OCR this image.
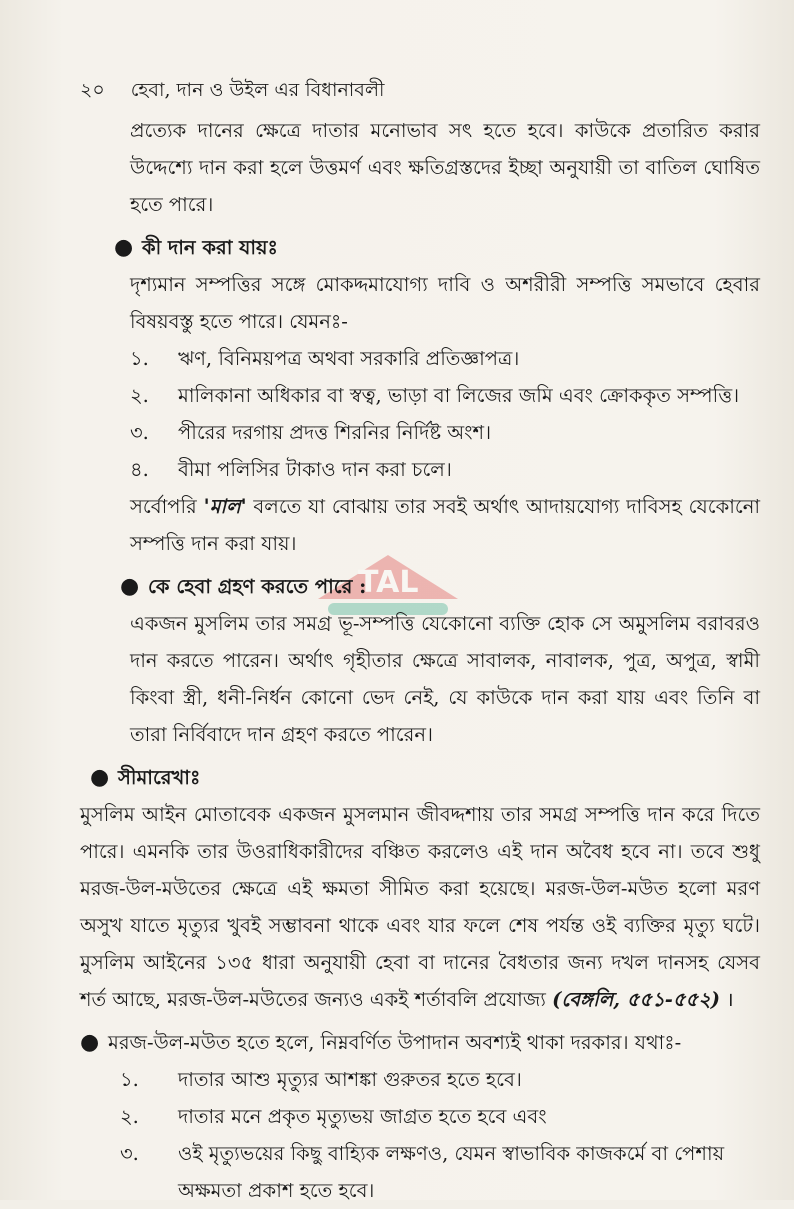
২০ হেবা, দান ও উইল এর বিধানাবলী
TAL

প্রত্যেক দানের ক্ষেত্রে দাতার মনোভাব সৎ হতে হবে। কাউকে প্রতারিত করার উদ্দেশ্যে দান করা হলে উত্তমর্ণ এবং ক্ষতিগ্রস্তদের ইচ্ছা অনুযায়ী তা বাতিল ঘোষিত হতে পারে।

● কী দান করা যায়ঃ

দৃশ্যমান সম্পত্তির সঙ্গে মোকদ্দমাযোগ্য দাবি ও অশরীরী সম্পত্তি সমভাবে হেবার বিষয়বস্তু হতে পারে। যেমনঃ-

১.	ঋণ, বিনিময়পত্র অথবা সরকারি প্রতিজ্ঞাপত্র।
২.	মালিকানা অধিকার বা স্বত্ব, ভাড়া বা লিজের জমি এবং ক্রোককৃত সম্পত্তি।
৩.	পীরের দরগায় প্রদত্ত শিরনির নির্দিষ্ট অংশ।
৪.	বীমা পলিসির টাকাও দান করা চলে।

সর্বোপরি 'মাল' বলতে যা বোঝায় তার সবই অর্থাৎ আদায়যোগ্য দাবিসহ যেকোনো সম্পত্তি দান করা যায়।

● কে হেবা গ্রহণ করতে পারে :

একজন মুসলিম তার সমগ্র ভূ-সম্পত্তি যেকোনো ব্যক্তি হোক সে অমুসলিম বরাবরও দান করতে পারেন। অর্থাৎ গৃহীতার ক্ষেত্রে সাবালক, নাবালক, পুত্র, অপুত্র, স্বামী কিংবা স্ত্রী, ধনী-নির্ধন কোনো ভেদ নেই, যে কাউকে দান করা যায় এবং তিনি বা তারা নির্বিবাদে দান গ্রহণ করতে পারেন।

● সীমারেখাঃ

মুসলিম আইন মোতাবেক একজন মুসলমান জীবদ্দশায় তার সমগ্র সম্পত্তি দান করে দিতে পারে। এমনকি তার উওরাধিকারীদের বঞ্চিত করলেও এই দান অবৈধ হবে না। তবে শুধু মরজ-উল-মউতের ক্ষেত্রে এই ক্ষমতা সীমিত করা হয়েছে। মরজ-উল-মউত হলো মরণ অসুখ যাতে মৃত্যুর খুবই সম্ভাবনা থাকে এবং যার ফলে শেষ পর্যন্ত ওই ব্যক্তির মৃত্যু ঘটে। মুসলিম আইনের ১৩৫ ধারা অনুযায়ী হেবা বা দানের বৈধতার জন্য দখল দানসহ যেসব শর্ত আছে, মরজ-উল-মউতের জন্যও একই শর্তাবলি প্রযোজ্য (বেঙ্গলি, ৫৫১-৫৫২) ।

● মরজ-উল-মউত হতে হলে, নিম্নবর্ণিত উপাদান অবশ্যই থাকা দরকার। যথাঃ-
১.	দাতার আশু মৃত্যুর আশঙ্কা গুরুতর হতে হবে।
২.	দাতার মনে প্রকৃত মৃত্যুভয় জাগ্রত হতে হবে এবং
৩.	ওই মৃত্যুভয়ের কিছু বাহ্যিক লক্ষণও, যেমন স্বাভাবিক কাজকর্মে বা পেশায় অক্ষমতা প্রকাশ হতে হবে।
